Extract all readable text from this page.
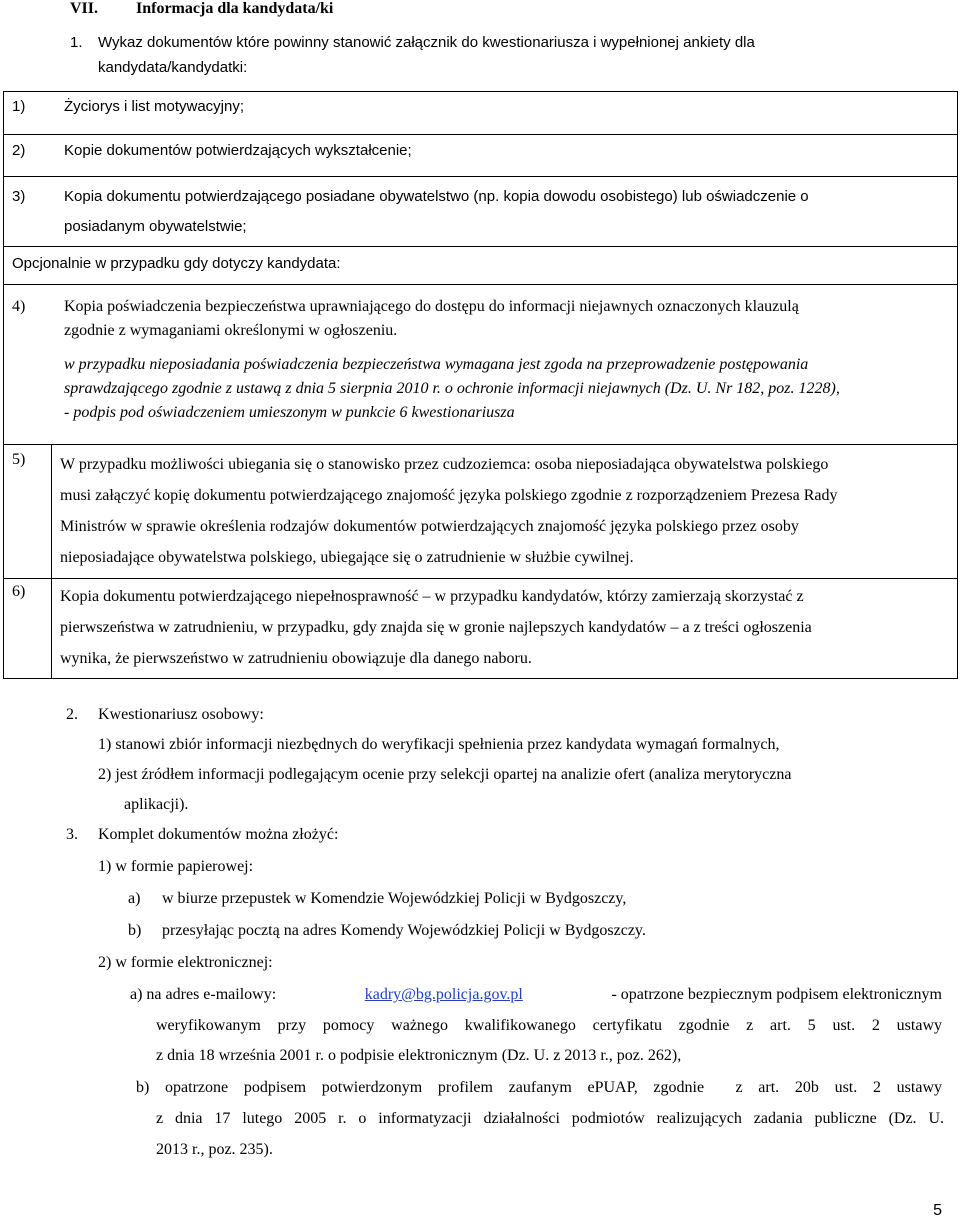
VII. Informacja dla kandydata/ki
1. Wykaz dokumentów które powinny stanowić załącznik do kwestionariusza i wypełnionej ankiety dla
kandydata/kandydatki:
1) Życiorys i list motywacyjny;	

2) Kopie dokumentów potwierdzających wykształcenie;	

3) Kopia dokumentu potwierdzającego posiadane obywatelstwo (np. kopia dowodu osobistego) lub oświadczenie o
posiadanym obywatelstwie;	

Opcjonalnie w przypadku gdy dotyczy kandydata:	

4) Kopia poświadczenia bezpieczeństwa uprawniającego do dostępu do informacji niejawnych oznaczonych klauzulą
zgodnie z wymaganiami określonymi w ogłoszeniu.
w przypadku nieposiadania poświadczenia bezpieczeństwa wymagana jest zgoda na przeprowadzenie postępowania
sprawdzającego zgodnie z ustawą z dnia 5 sierpnia 2010 r. o ochronie informacji niejawnych (Dz. U. Nr 182, poz. 1228),
- podpis pod oświadczeniem umieszonym w punkcie 6 kwestionariusza	

5)	W przypadku możliwości ubiegania się o stanowisko przez cudzoziemca: osoba nieposiadająca obywatelstwa polskiego
musi załączyć kopię dokumentu potwierdzającego znajomość języka polskiego zgodnie z rozporządzeniem Prezesa Rady
Ministrów w sprawie określenia rodzajów dokumentów potwierdzających znajomość języka polskiego przez osoby
nieposiadające obywatelstwa polskiego, ubiegające się o zatrudnienie w służbie cywilnej.

6)	Kopia dokumentu potwierdzającego niepełnosprawność – w przypadku kandydatów, którzy zamierzają skorzystać z
pierwszeństwa w zatrudnieniu, w przypadku, gdy znajda się w gronie najlepszych kandydatów – a z treści ogłoszenia
wynika, że pierwszeństwo w zatrudnieniu obowiązuje dla danego naboru.
2. Kwestionariusz osobowy:
1) stanowi zbiór informacji niezbędnych do weryfikacji spełnienia przez kandydata wymagań formalnych,
2) jest źródłem informacji podlegającym ocenie przy selekcji opartej na analizie ofert (analiza merytoryczna
aplikacji).
3. Komplet dokumentów można złożyć:
1) w formie papierowej:
a) w biurze przepustek w Komendzie Wojewódzkiej Policji w Bydgoszczy,
b) przesyłając pocztą na adres Komendy Wojewódzkiej Policji w Bydgoszczy.
2) w formie elektronicznej:
a) na adres e-mailowy:	kadry@bg.policja.gov.pl	- opatrzone bezpiecznym podpisem elektronicznym
weryfikowanym przy pomocy ważnego kwalifikowanego certyfikatu zgodnie z art. 5 ust. 2 ustawy
z dnia 18 września 2001 r. o podpisie elektronicznym (Dz. U. z 2013 r., poz. 262),
b) opatrzone podpisem potwierdzonym profilem zaufanym ePUAP, zgodnie  z art. 20b ust. 2 ustawy
z dnia 17 lutego 2005 r. o informatyzacji działalności podmiotów realizujących zadania publiczne (Dz. U.
2013 r., poz. 235).
5
